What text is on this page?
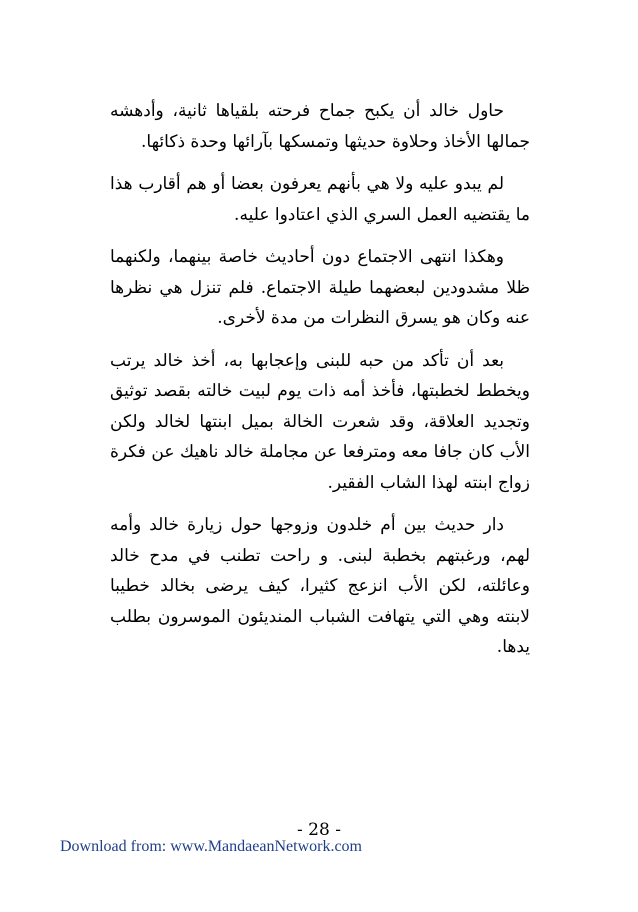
حاول خالد أن يكبح جماح فرحته بلقياها ثانية، وأدهشه جمالها الأخاذ وحلاوة حديثها وتمسكها بآرائها وحدة ذكائها.

لم يبدو عليه ولا هي بأنهم يعرفون بعضا أو هم أقارب هذا ما يقتضيه العمل السري الذي اعتادوا عليه.

وهكذا انتهى الاجتماع دون أحاديث خاصة بينهما، ولكنهما ظلا مشدودين لبعضهما طيلة الاجتماع. فلم تنزل هي نظرها عنه وكان هو يسرق النظرات من مدة لأخرى.

بعد أن تأكد من حبه للبنى وإعجابها به، أخذ خالد يرتب ويخطط لخطبتها، فأخذ أمه ذات يوم لبيت خالته بقصد توثيق وتجديد العلاقة، وقد شعرت الخالة بميل ابنتها لخالد ولكن الأب كان جافا معه ومترفعا عن مجاملة خالد ناهيك عن فكرة زواج ابنته لهذا الشاب الفقير.

دار حديث بين أم خلدون وزوجها حول زيارة خالد وأمه لهم، ورغبتهم بخطبة لبنى. و راحت تطنب في مدح خالد وعائلته، لكن الأب انزعج كثيرا، كيف يرضى بخالد خطيبا لابنته وهي التي يتهافت الشباب المنديئون الموسرون بطلب يدها.

- 28 -
Download from: www.MandaeanNetwork.com
